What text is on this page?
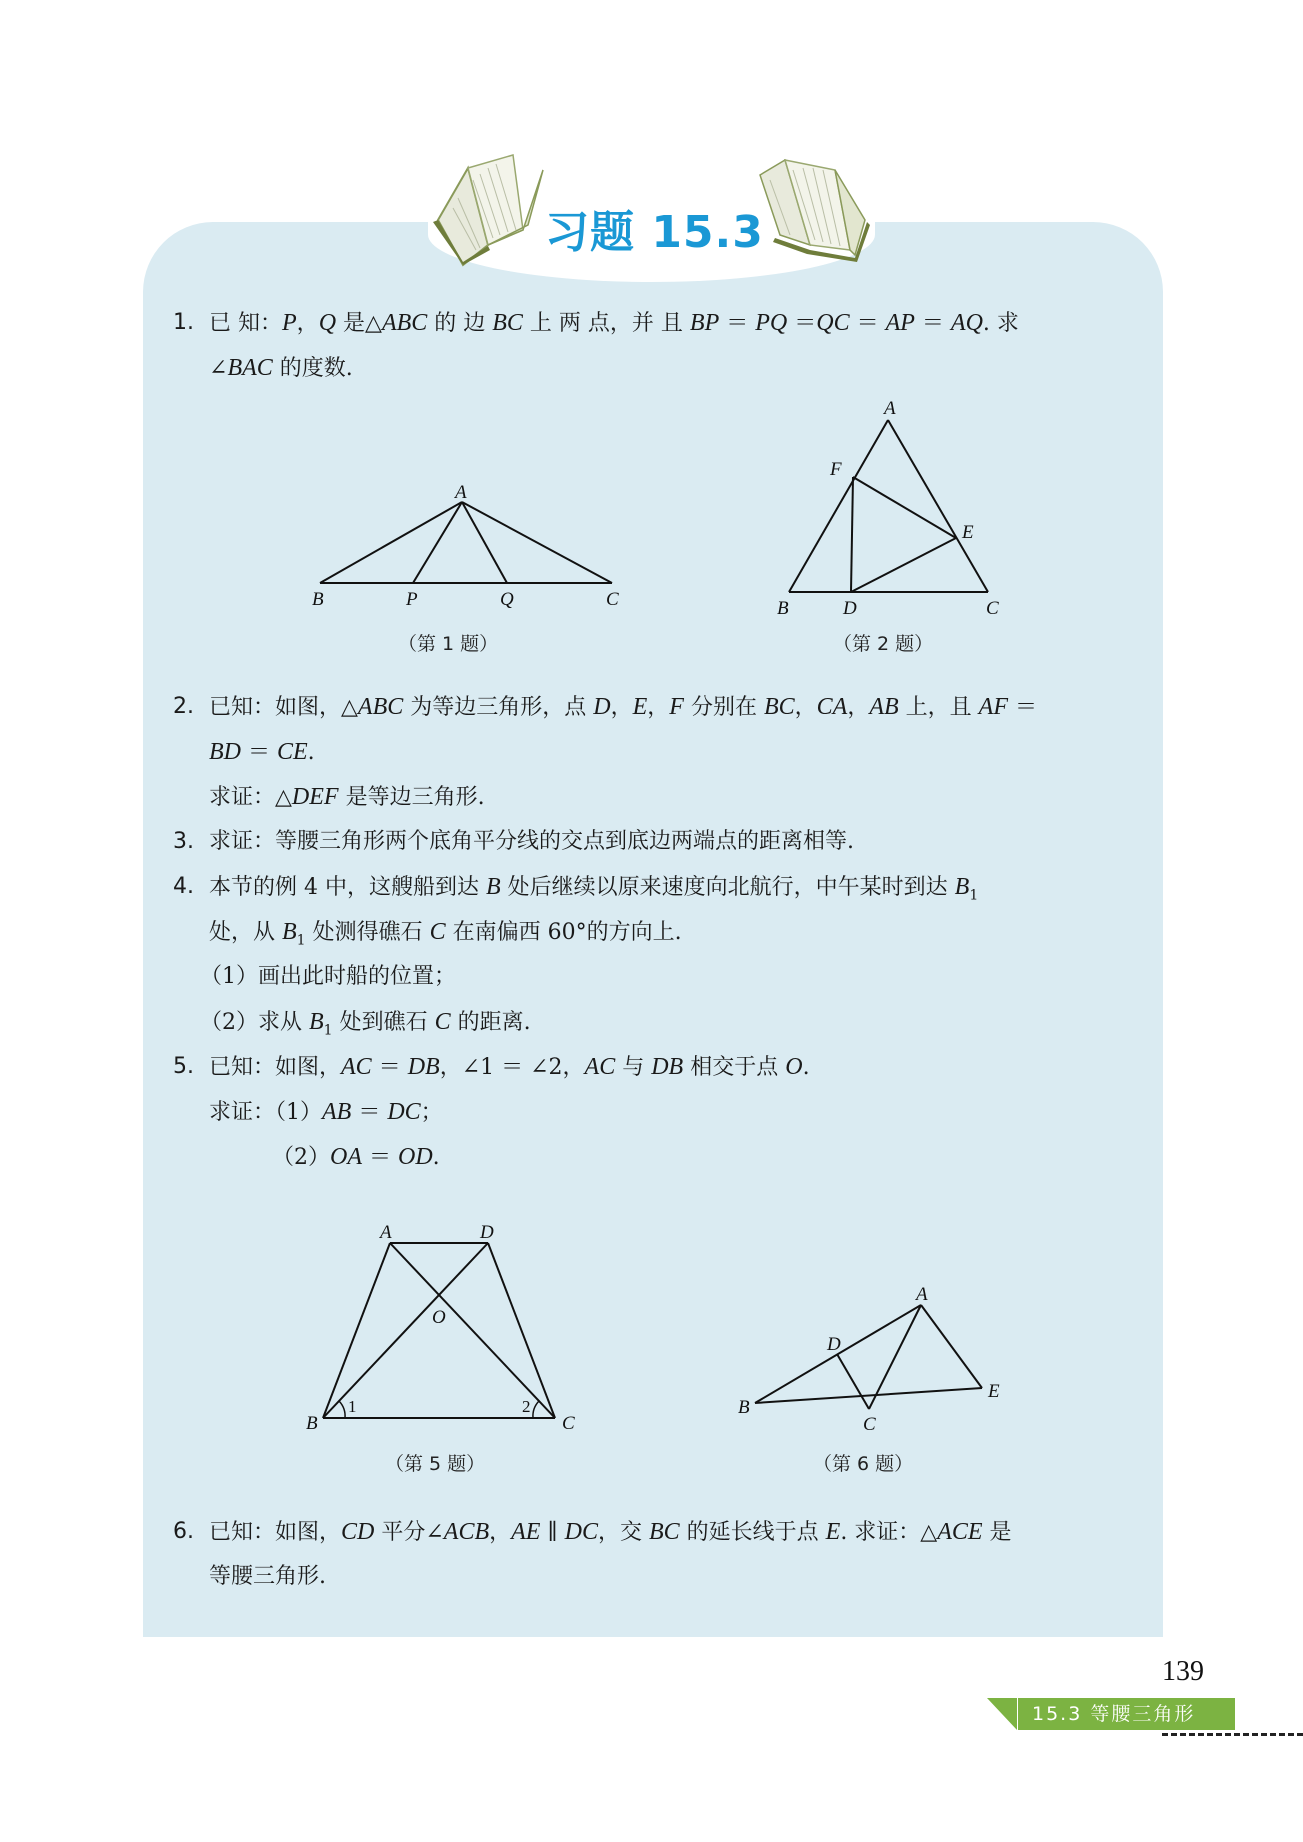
习题 15.3
1. 已 知：P，Q 是△ABC 的 边 BC 上 两 点，并 且 BP ＝ PQ ＝QC ＝ AP ＝ AQ. 求
∠BAC 的度数.
A
B	P	Q	C
（第 1 题）
A
F
E
B	D	C
（第 2 题）
2. 已知：如图，△ABC 为等边三角形，点 D，E，F 分别在 BC，CA，AB 上，且 AF ＝
BD ＝ CE.
求证：△DEF 是等边三角形.
3. 求证：等腰三角形两个底角平分线的交点到底边两端点的距离相等.
4. 本节的例 4 中，这艘船到达 B 处后继续以原来速度向北航行，中午某时到达 $B_1$
处，从 $B_1$ 处测得礁石 C 在南偏西 60°的方向上.
（1）画出此时船的位置；
（2）求从 $B_1$ 处到礁石 C 的距离.
5. 已知：如图，AC ＝ DB，∠1 ＝ ∠2，AC 与 DB 相交于点 O.
求证：（1）AB ＝ DC；
（2）OA ＝ OD.
A	D
O
B	C
1	2
（第 5 题）
A
D
B
C
E
（第 6 题）
6. 已知：如图，CD 平分∠ACB，AE ∥ DC，交 BC 的延长线于点 E. 求证：△ACE 是
等腰三角形.
139
15.3 等腰三角形
